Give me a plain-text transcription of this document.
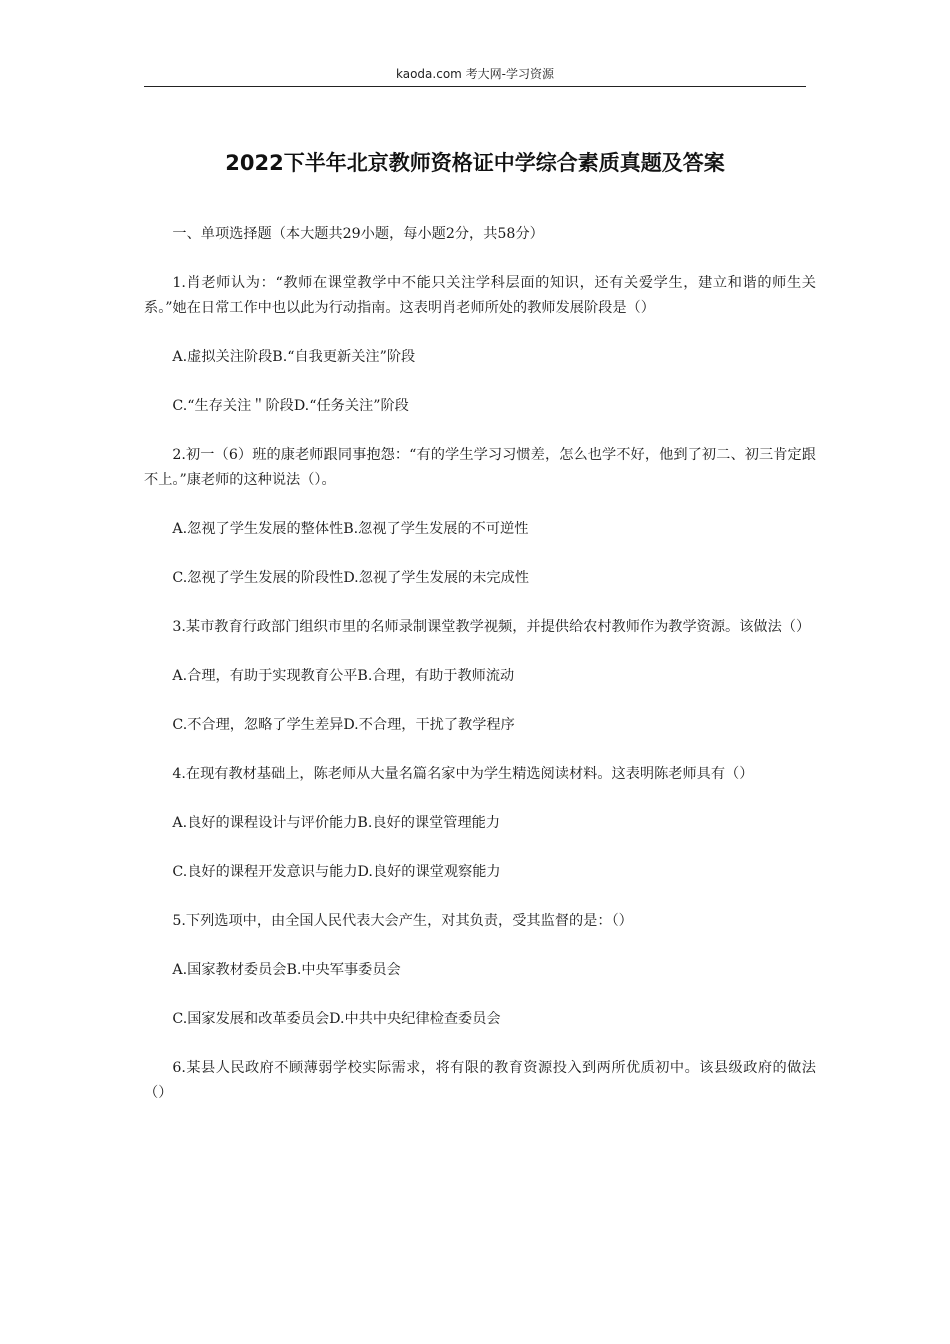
kaoda.com 考大网-学习资源
2022下半年北京教师资格证中学综合素质真题及答案

一、单项选择题（本大题共29小题，每小题2分，共58分）

1.肖老师认为：“教师在课堂教学中不能只关注学科层面的知识，还有关爱学生，建立和谐的师生关系。”她在日常工作中也以此为行动指南。这表明肖老师所处的教师发展阶段是（）

A.虚拟关注阶段B.“自我更新关注”阶段

C.“生存关注＂阶段D.“任务关注”阶段

2.初一（6）班的康老师跟同事抱怨：“有的学生学习习惯差，怎么也学不好，他到了初二、初三肯定跟不上。”康老师的这种说法（）。

A.忽视了学生发展的整体性B.忽视了学生发展的不可逆性

C.忽视了学生发展的阶段性D.忽视了学生发展的未完成性

3.某市教育行政部门组织市里的名师录制课堂教学视频，并提供给农村教师作为教学资源。该做法（）

A.合理，有助于实现教育公平B.合理，有助于教师流动

C.不合理，忽略了学生差异D.不合理，干扰了教学程序

4.在现有教材基础上，陈老师从大量名篇名家中为学生精选阅读材料。这表明陈老师具有（）

A.良好的课程设计与评价能力B.良好的课堂管理能力

C.良好的课程开发意识与能力D.良好的课堂观察能力

5.下列选项中，由全国人民代表大会产生，对其负责，受其监督的是：（）

A.国家教材委员会B.中央军事委员会

C.国家发展和改革委员会D.中共中央纪律检查委员会

6.某县人民政府不顾薄弱学校实际需求，将有限的教育资源投入到两所优质初中。该县级政府的做法（）
